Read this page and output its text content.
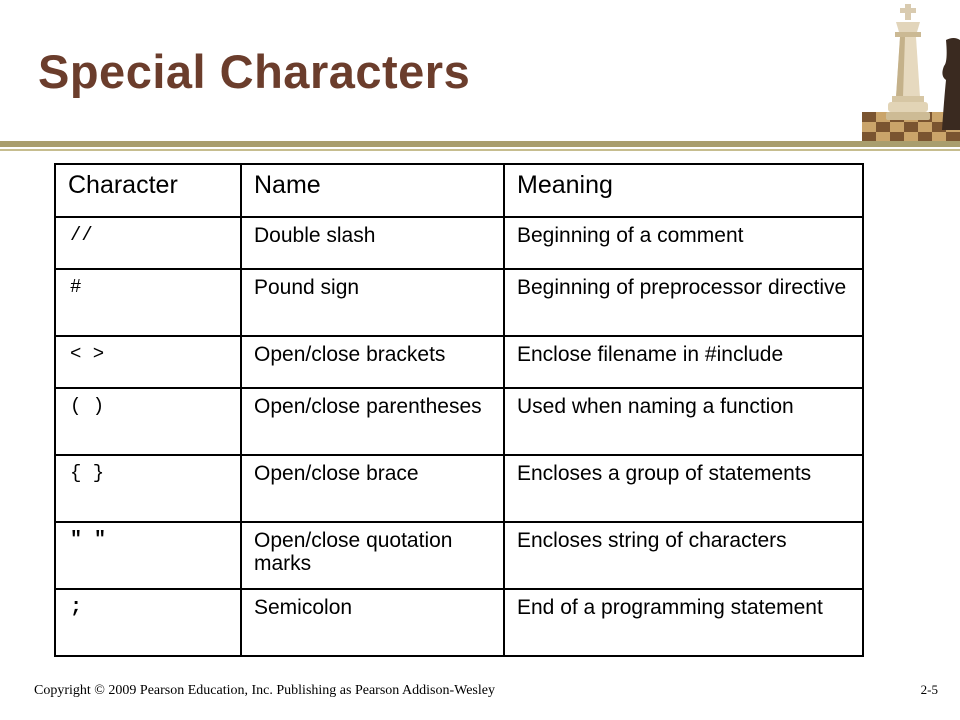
Special Characters
Character	Name	Meaning
//	Double slash	Beginning of a comment
#	Pound sign	Beginning of preprocessor directive
< >	Open/close brackets	Enclose filename in #include
( )	Open/close parentheses	Used when naming a function
{ }	Open/close brace	Encloses a group of statements
" "	Open/close quotation marks	Encloses string of characters
;	Semicolon	End of a programming statement
Copyright © 2009 Pearson Education, Inc. Publishing as Pearson Addison-Wesley	2-5
